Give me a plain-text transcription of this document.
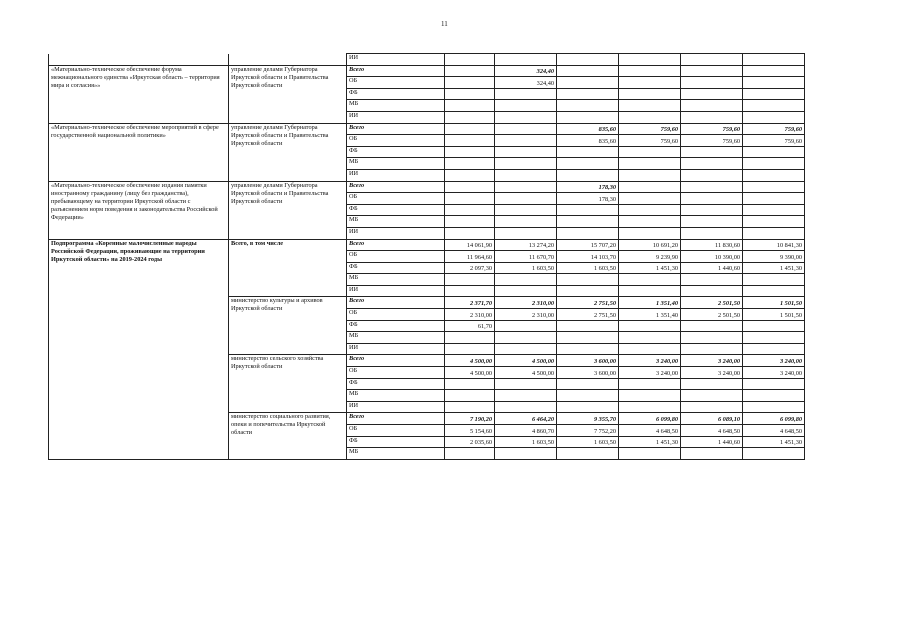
11
		ИИ						
«Материально-техническое обеспечение форума межнационального единства «Иркутская область – территория мира и согласия»»	управление делами Губернатора Иркутской области и Правительства Иркутской области	Всего		324,40				
		ОБ		324,40				
		ФБ						
		МБ						
		ИИ						
«Материально-техническое обеспечение мероприятий в сфере государственной национальной политики»	управление делами Губернатора Иркутской области и Правительства Иркутской области	Всего			835,60	759,60	759,60	759,60
		ОБ			835,60	759,60	759,60	759,60
		ФБ						
		МБ						
		ИИ						
«Материально-техническое обеспечение издания памятки иностранному гражданину (лицу без гражданства), пребывающему на территории Иркутской области с разъяснением норм поведения и законодательства Российской Федерации»	управление делами Губернатора Иркутской области и Правительства Иркутской области	Всего			178,30			
		ОБ			178,30			
		ФБ						
		МБ						
		ИИ						
Подпрограмма «Коренные малочисленные народы Российской Федерации, проживающие на территории Иркутской области» на 2019-2024 годы	Всего, в том числе	Всего	14 061,90	13 274,20	15 707,20	10 691,20	11 830,60	10 841,30
		ОБ	11 964,60	11 670,70	14 103,70	9 239,90	10 390,00	9 390,00
		ФБ	2 097,30	1 603,50	1 603,50	1 451,30	1 440,60	1 451,30
		МБ						
		ИИ						
	министерство культуры и архивов Иркутской области	Всего	2 371,70	2 310,00	2 751,50	1 351,40	2 501,50	1 501,50
		ОБ	2 310,00	2 310,00	2 751,50	1 351,40	2 501,50	1 501,50
		ФБ	61,70					
		МБ						
		ИИ						
	министерство сельского хозяйства Иркутской области	Всего	4 500,00	4 500,00	3 600,00	3 240,00	3 240,00	3 240,00
		ОБ	4 500,00	4 500,00	3 600,00	3 240,00	3 240,00	3 240,00
		ФБ						
		МБ						
		ИИ						
	министерство социального развития, опеки и попечительства Иркутской области	Всего	7 190,20	6 464,20	9 355,70	6 099,80	6 089,10	6 099,80
		ОБ	5 154,60	4 860,70	7 752,20	4 648,50	4 648,50	4 648,50
		ФБ	2 035,60	1 603,50	1 603,50	1 451,30	1 440,60	1 451,30
		МБ						
